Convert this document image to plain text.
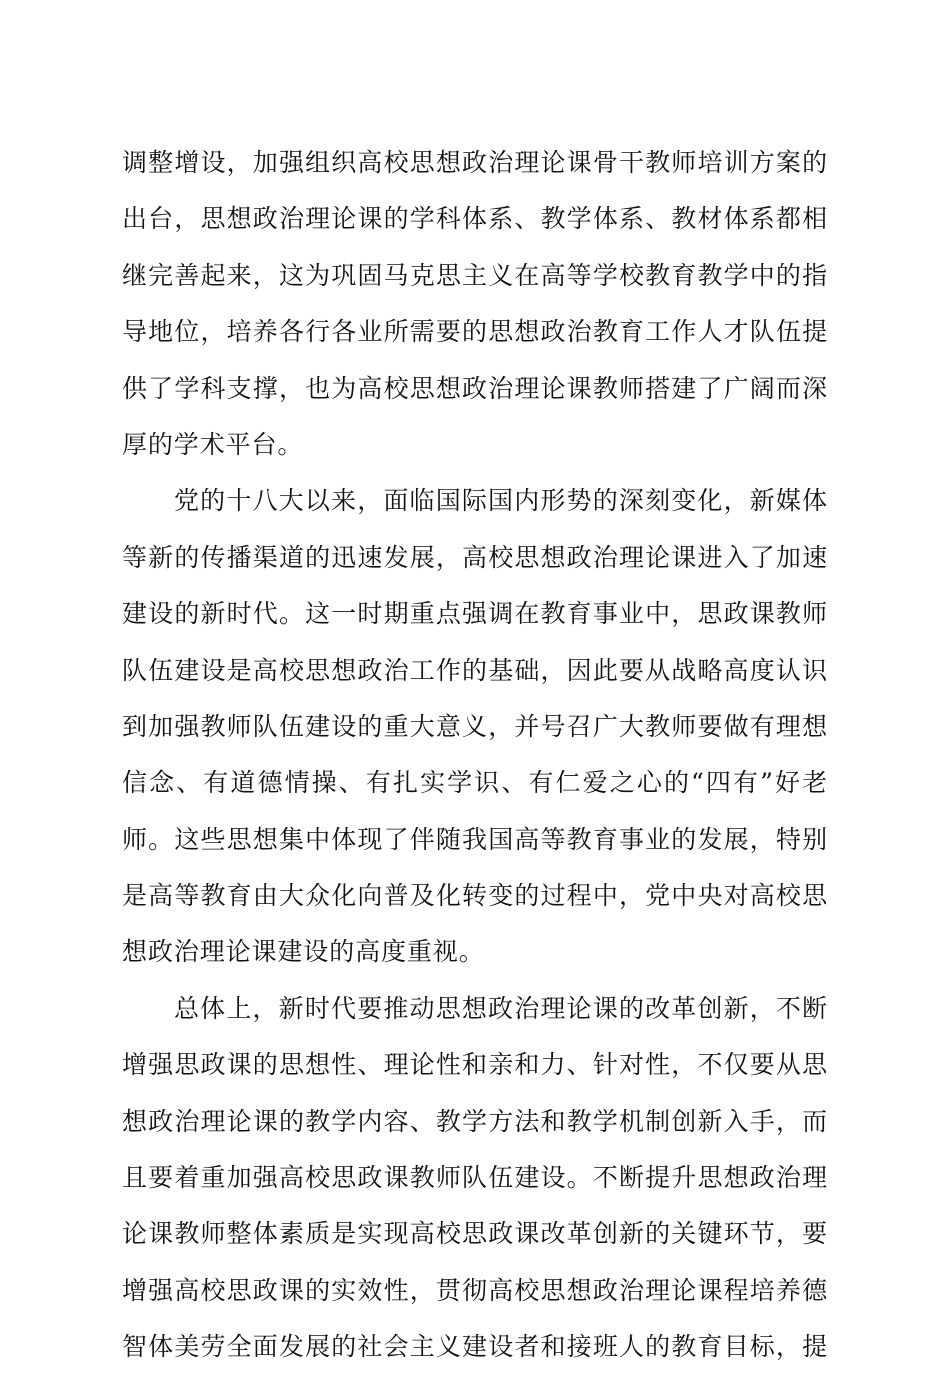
调整增设，加强组织高校思想政治理论课骨干教师培训方案的
出台，思想政治理论课的学科体系、教学体系、教材体系都相
继完善起来，这为巩固马克思主义在高等学校教育教学中的指
导地位，培养各行各业所需要的思想政治教育工作人才队伍提
供了学科支撑，也为高校思想政治理论课教师搭建了广阔而深
厚的学术平台。
党的十八大以来，面临国际国内形势的深刻变化，新媒体
等新的传播渠道的迅速发展，高校思想政治理论课进入了加速
建设的新时代。这一时期重点强调在教育事业中，思政课教师
队伍建设是高校思想政治工作的基础，因此要从战略高度认识
到加强教师队伍建设的重大意义，并号召广大教师要做有理想
信念、有道德情操、有扎实学识、有仁爱之心的“四有”好老
师。这些思想集中体现了伴随我国高等教育事业的发展，特别
是高等教育由大众化向普及化转变的过程中，党中央对高校思
想政治理论课建设的高度重视。
总体上，新时代要推动思想政治理论课的改革创新，不断
增强思政课的思想性、理论性和亲和力、针对性，不仅要从思
想政治理论课的教学内容、教学方法和教学机制创新入手，而
且要着重加强高校思政课教师队伍建设。不断提升思想政治理
论课教师整体素质是实现高校思政课改革创新的关键环节，要
增强高校思政课的实效性，贯彻高校思想政治理论课程培养德
智体美劳全面发展的社会主义建设者和接班人的教育目标，提
